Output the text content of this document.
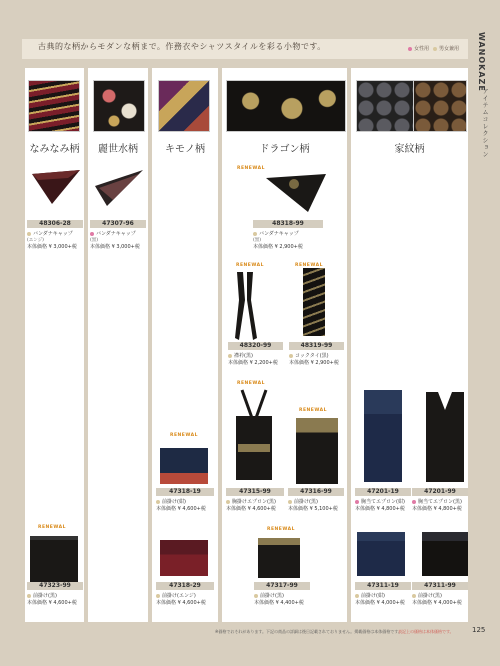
古典的な柄からモダンな柄まで。作務衣やシャツスタイルを彩る小物です。	女性用 男女兼用 WANOKAZE
アイテムコレクション
なみなみ柄	麗世水柄	キモノ柄	ドラゴン柄	家紋柄
RENEWAL
RENEWAL	RENEWAL
RENEWAL
RENEWAL
RENEWAL
RENEWAL	RENEWAL
48306-28
バンダナキャップ
(エンジ)
本体価格 ¥ 3,000+税
47307-96
バンダナキャップ
(黒)
本体価格 ¥ 3,000+税
48318-99
バンダナキャップ
(黒)
本体価格 ¥ 2,900+税
48320-99
襟衿(黒)
本体価格 ¥ 2,200+税
48319-99
コックタイ(黒)
本体価格 ¥ 2,900+税
47318-19
前掛け(紺)
本体価格 ¥ 4,600+税
47315-99
胸掛けエプロン(黒)
本体価格 ¥ 4,600+税
47316-99
前掛け(黒)
本体価格 ¥ 5,100+税
47201-19
胸当てエプロン(紺)
本体価格 ¥ 4,800+税
47201-99
胸当てエプロン(黒)
本体価格 ¥ 4,800+税
47323-99
前掛け(黒)
本体価格 ¥ 4,600+税
47318-29
前掛け(エンジ)
本体価格 ¥ 4,600+税
47317-99
前掛け(黒)
本体価格 ¥ 4,400+税
47311-19
前掛け(紺)
本体価格 ¥ 4,000+税
47311-99
前掛け(黒)
本体価格 ¥ 4,000+税
※価格でおそれがあります。下記の商品の詳細は後日記載されておりません。掲載価格は本体価格です。
表記上の価格は本体価格です。	125
